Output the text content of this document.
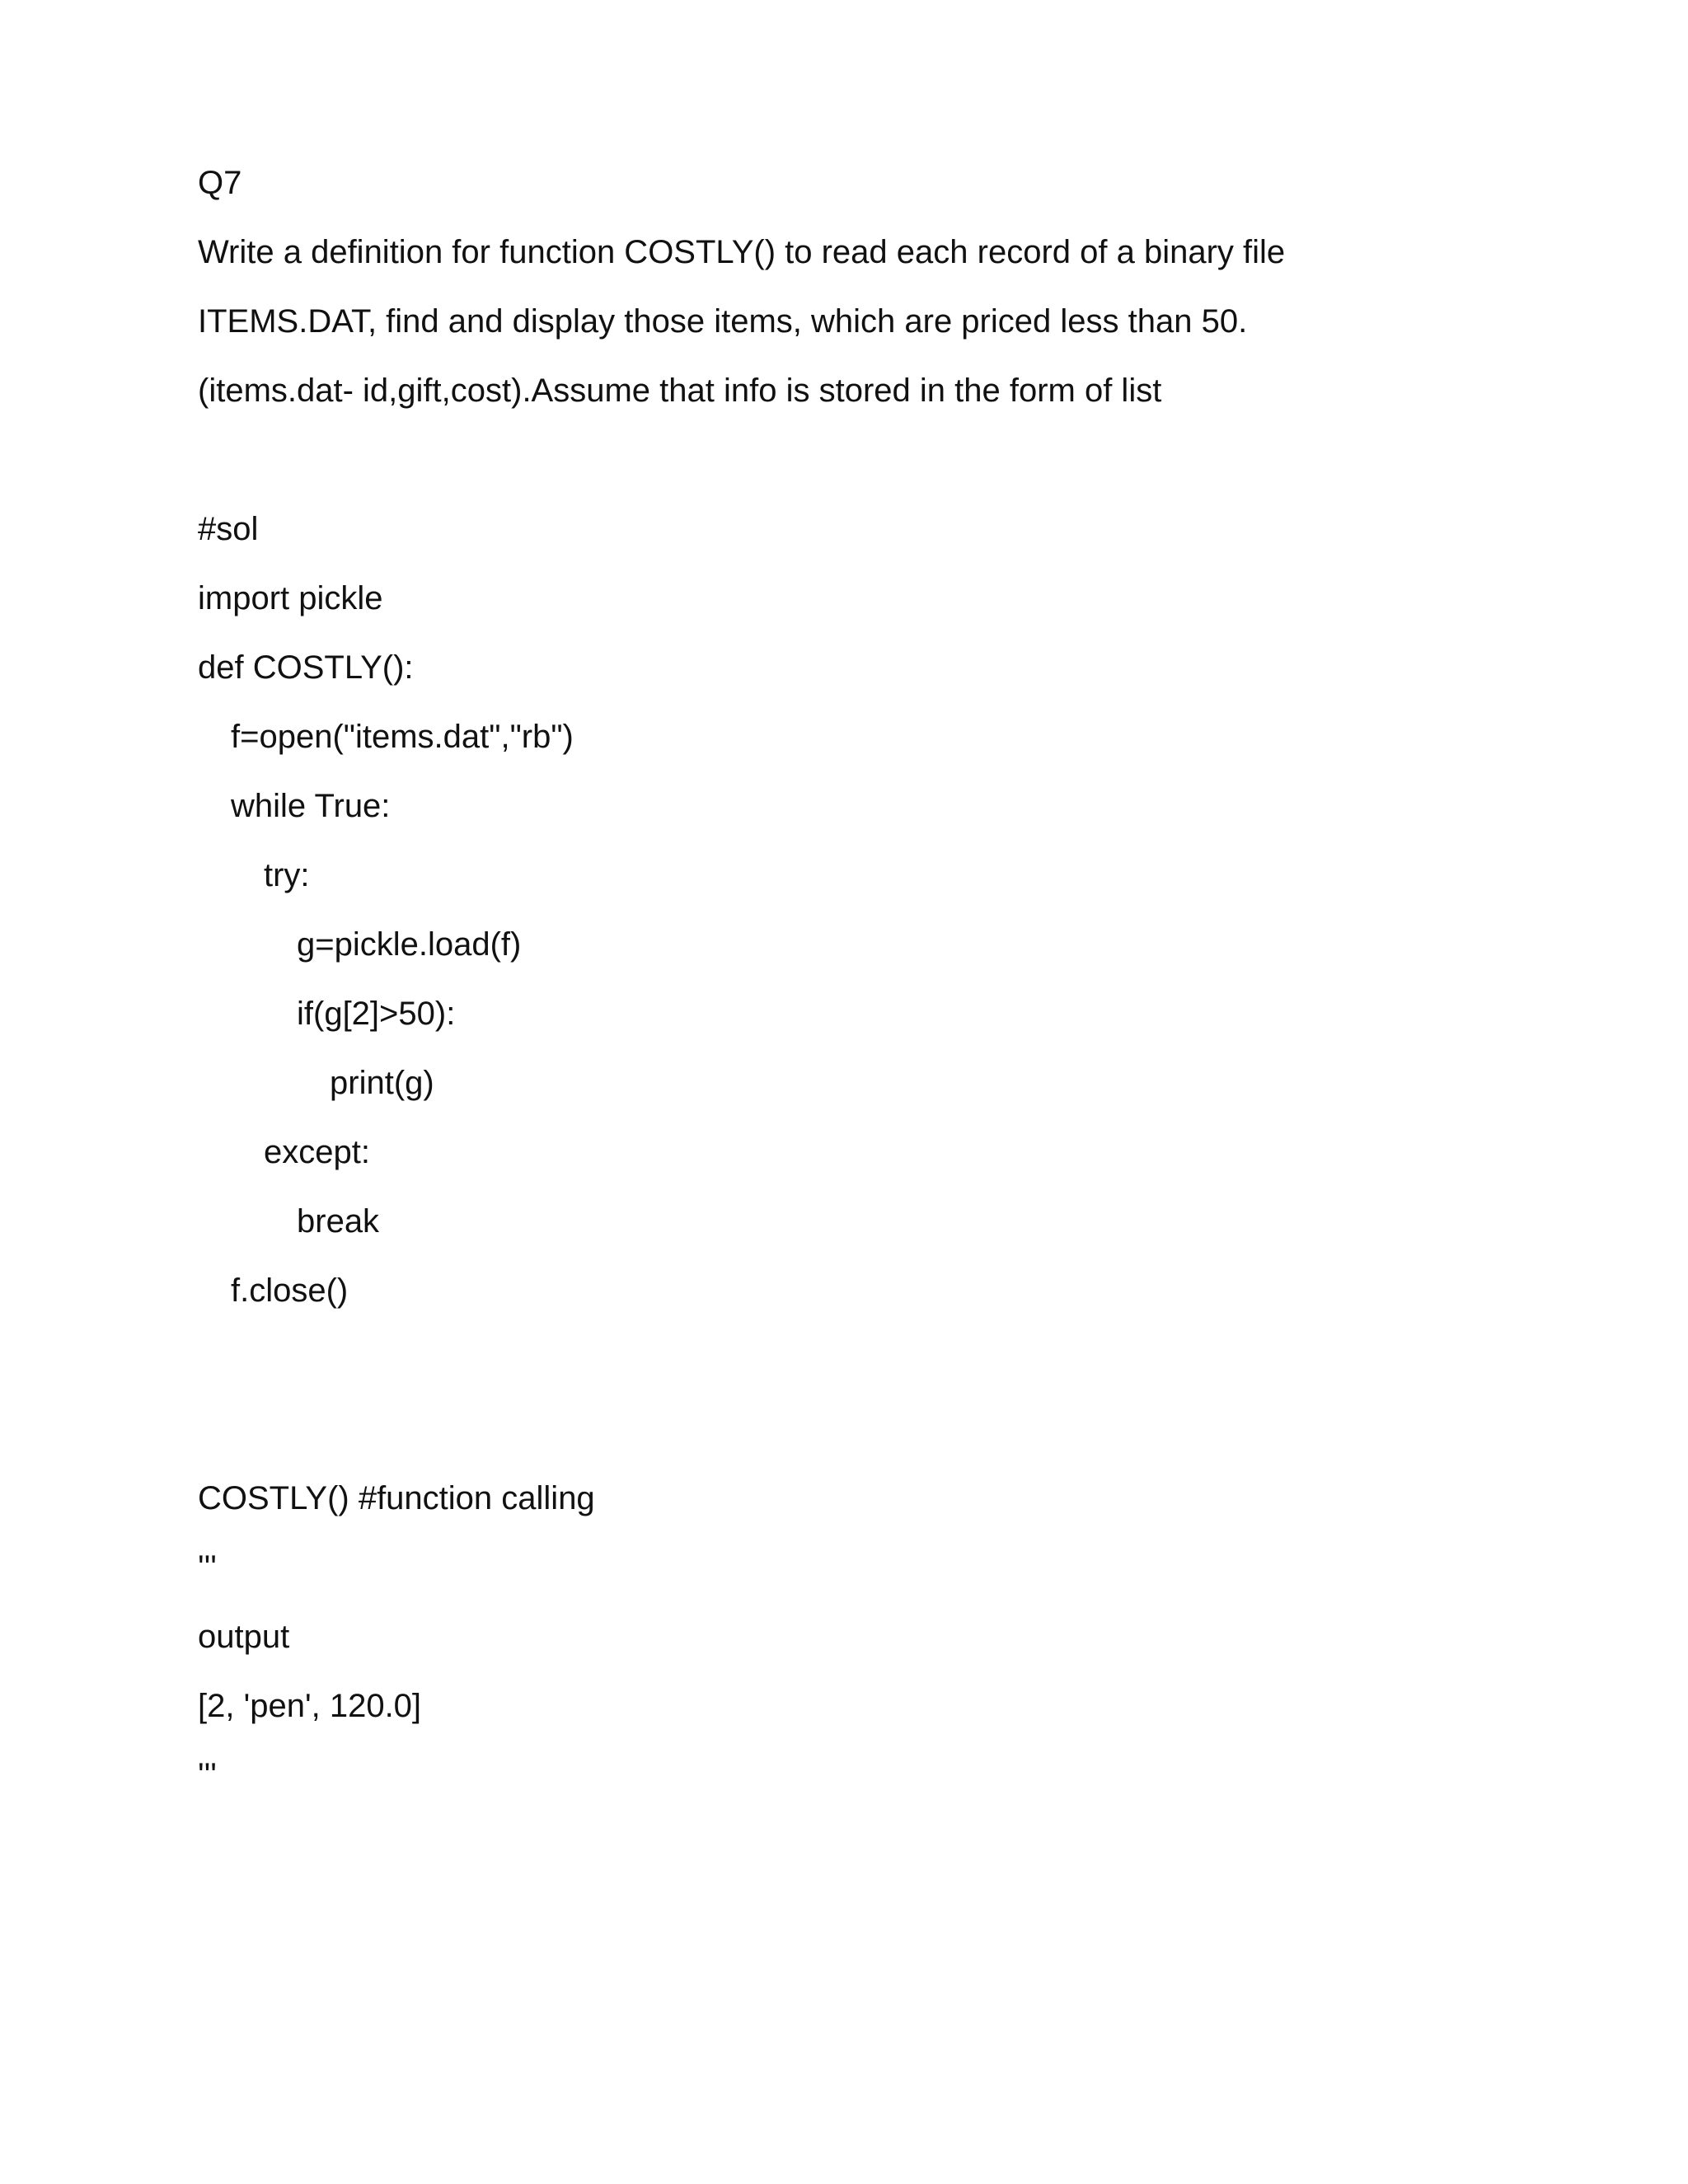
Q7
Write a definition for function COSTLY() to read each record of a binary file
ITEMS.DAT, find and display those items, which are priced less than 50.
(items.dat- id,gift,cost).Assume that info is stored in the form of list
#sol
import pickle
def COSTLY():
f=open("items.dat","rb")
while True:
try:
g=pickle.load(f)
if(g[2]>50):
print(g)
except:
break
f.close()
COSTLY() #function calling
'''
output
[2, 'pen', 120.0]
'''
